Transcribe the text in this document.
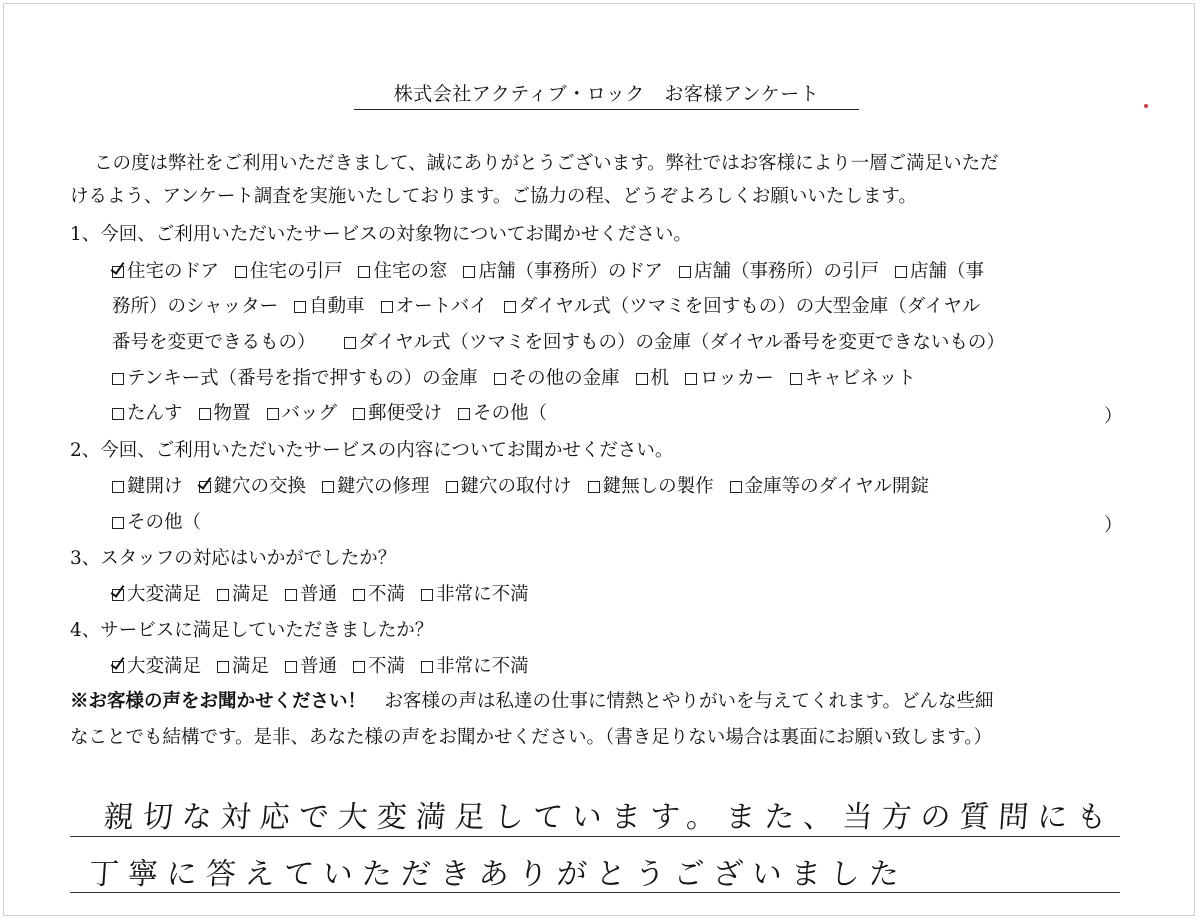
株式会社アクティブ・ロック　お客様アンケート
この度は弊社をご利用いただきまして、誠にありがとうございます。弊社ではお客様により一層ご満足いただ
けるよう、アンケート調査を実施いたしております。ご協力の程、どうぞよろしくお願いいたします。
1、今回、ご利用いただいたサービスの対象物についてお聞かせください。
住宅のドア 住宅の引戸 住宅の窓 店舗（事務所）のドア 店舗（事務所）の引戸 店舗（事
務所）のシャッター 自動車 オートバイ ダイヤル式（ツマミを回すもの）の大型金庫（ダイヤル
番号を変更できるもの） ダイヤル式（ツマミを回すもの）の金庫（ダイヤル番号を変更できないもの）
テンキー式（番号を指で押すもの）の金庫 その他の金庫 机 ロッカー キャビネット
たんす 物置 バッグ 郵便受け その他（	）
2、今回、ご利用いただいたサービスの内容についてお聞かせください。
鍵開け 鍵穴の交換 鍵穴の修理 鍵穴の取付け 鍵無しの製作 金庫等のダイヤル開錠
その他（	）
3、スタッフの対応はいかがでしたか？
大変満足 満足 普通 不満 非常に不満
4、サービスに満足していただきましたか？
大変満足 満足 普通 不満 非常に不満
※お客様の声をお聞かせください！　お客様の声は私達の仕事に情熱とやりがいを与えてくれます。どんな些細
なことでも結構です。是非、あなた様の声をお聞かせください。（書き足りない場合は裏面にお願い致します。）
親切な対応で大変満足しています。また、当方の質問にも
丁寧に答えていただきありがとうございました
